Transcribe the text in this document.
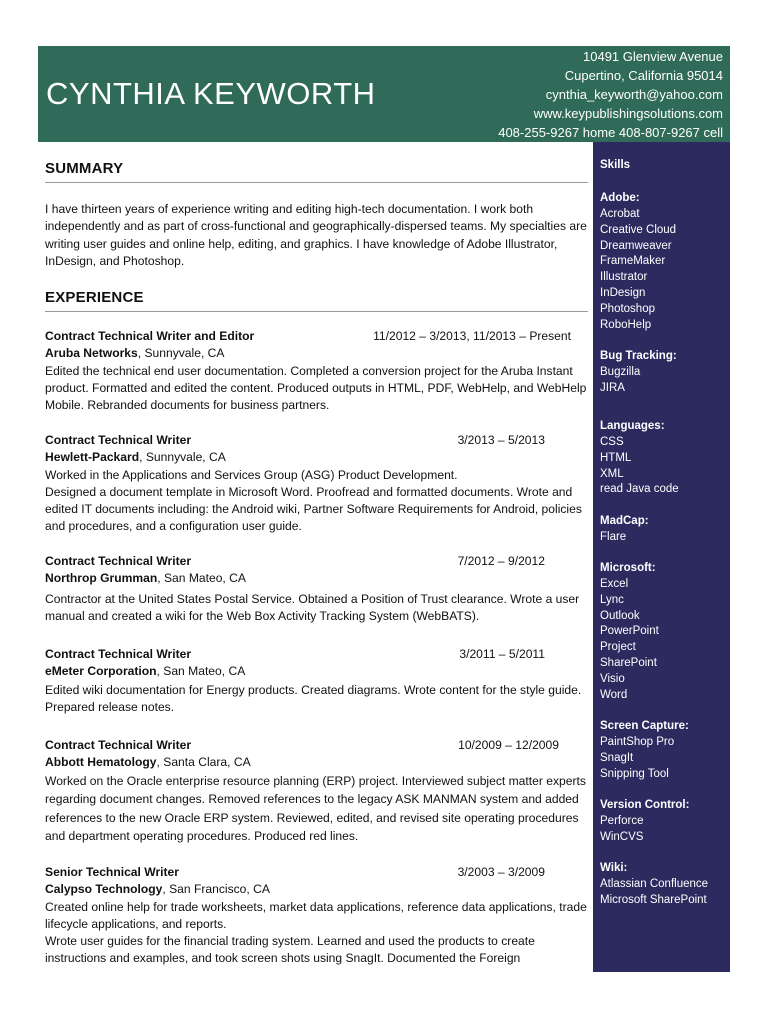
CYNTHIA KEYWORTH
10491 Glenview Avenue
Cupertino, California 95014
cynthia_keyworth@yahoo.com
www.keypublishingsolutions.com
408-255-9267 home 408-807-9267 cell
SUMMARY
I have thirteen years of experience writing and editing high-tech documentation. I work both independently and as part of cross-functional and geographically-dispersed teams. My specialties are writing user guides and online help, editing, and graphics. I have knowledge of Adobe Illustrator, InDesign, and Photoshop.
EXPERIENCE
Contract Technical Writer and Editor	11/2012 – 3/2013, 11/2013 – Present
Aruba Networks, Sunnyvale, CA
Edited the technical end user documentation. Completed a conversion project for the Aruba Instant product. Formatted and edited the content. Produced outputs in HTML, PDF, WebHelp, and WebHelp Mobile. Rebranded documents for business partners.
Contract Technical Writer	3/2013 – 5/2013
Hewlett-Packard, Sunnyvale, CA
Worked in the Applications and Services Group (ASG) Product Development.
Designed a document template in Microsoft Word. Proofread and formatted documents. Wrote and edited IT documents including: the Android wiki, Partner Software Requirements for Android, policies and procedures, and a configuration user guide.
Contract Technical Writer	7/2012 – 9/2012
Northrop Grumman, San Mateo, CA
Contractor at the United States Postal Service. Obtained a Position of Trust clearance. Wrote a user manual and created a wiki for the Web Box Activity Tracking System (WebBATS).
Contract Technical Writer	3/2011 – 5/2011
eMeter Corporation, San Mateo, CA
Edited wiki documentation for Energy products. Created diagrams. Wrote content for the style guide. Prepared release notes.
Contract Technical Writer	10/2009 – 12/2009
Abbott Hematology, Santa Clara, CA
Worked on the Oracle enterprise resource planning (ERP) project. Interviewed subject matter experts regarding document changes. Removed references to the legacy ASK MANMAN system and added references to the new Oracle ERP system. Reviewed, edited, and revised site operating procedures and department operating procedures. Produced red lines.
Senior Technical Writer	3/2003 – 3/2009
Calypso Technology, San Francisco, CA
Created online help for trade worksheets, market data applications, reference data applications, trade lifecycle applications, and reports.
Wrote user guides for the financial trading system. Learned and used the products to create instructions and examples, and took screen shots using SnagIt. Documented the Foreign
Skills
Adobe:
Acrobat
Creative Cloud
Dreamweaver
FrameMaker
Illustrator
InDesign
Photoshop
RoboHelp
Bug Tracking:
Bugzilla
JIRA
Languages:
CSS
HTML
XML
read Java code
MadCap:
Flare
Microsoft:
Excel
Lync
Outlook
PowerPoint
Project
SharePoint
Visio
Word
Screen Capture:
PaintShop Pro
SnagIt
Snipping Tool
Version Control:
Perforce
WinCVS
Wiki:
Atlassian Confluence
Microsoft SharePoint
